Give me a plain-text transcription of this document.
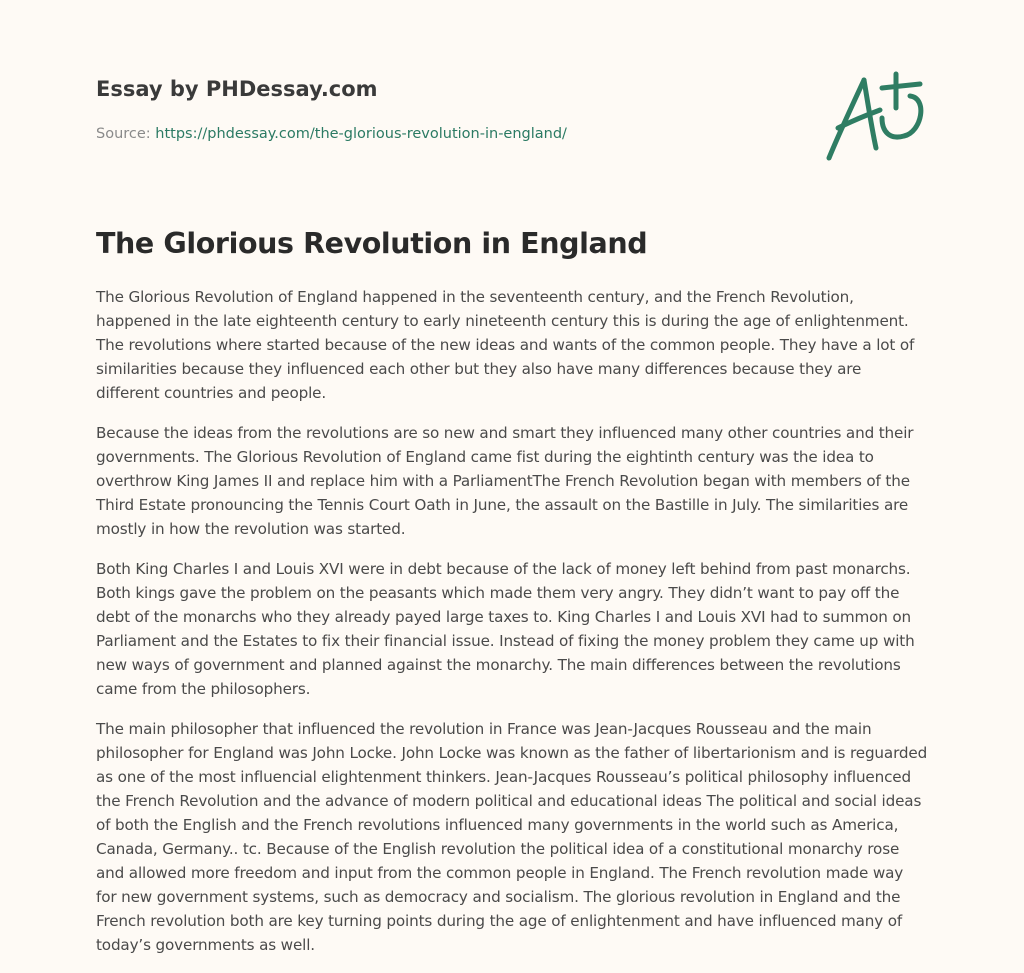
Essay by PHDessay.com
Source: https://phdessay.com/the-glorious-revolution-in-england/
The Glorious Revolution in England

The Glorious Revolution of England happened in the seventeenth century, and the French Revolution, happened in the late eighteenth century to early nineteenth century this is during the age of enlightenment. The revolutions where started because of the new ideas and wants of the common people. They have a lot of similarities because they influenced each other but they also have many differences because they are different countries and people.

Because the ideas from the revolutions are so new and smart they influenced many other countries and their governments. The Glorious Revolution of England came fist during the eightinth century was the idea to overthrow King James II and replace him with a ParliamentThe French Revolution began with members of the Third Estate pronouncing the Tennis Court Oath in June, the assault on the Bastille in July. The similarities are mostly in how the revolution was started.

Both King Charles I and Louis XVI were in debt because of the lack of money left behind from past monarchs. Both kings gave the problem on the peasants which made them very angry. They didn’t want to pay off the debt of the monarchs who they already payed large taxes to. King Charles I and Louis XVI had to summon on Parliament and the Estates to fix their financial issue. Instead of fixing the money problem they came up with new ways of government and planned against the monarchy. The main differences between the revolutions came from the philosophers.

The main philosopher that influenced the revolution in France was Jean-Jacques Rousseau and the main philosopher for England was John Locke. John Locke was known as the father of libertarionism and is reguarded as one of the most influencial elightenment thinkers. Jean-Jacques Rousseau’s political philosophy influenced the French Revolution and the advance of modern political and educational ideas The political and social ideas of both the English and the French revolutions influenced many governments in the world such as America, Canada, Germany.. tc. Because of the English revolution the political idea of a constitutional monarchy rose and allowed more freedom and input from the common people in England. The French revolution made way for new government systems, such as democracy and socialism. The glorious revolution in England and the French revolution both are key turning points during the age of enlightenment and have influenced many of today’s governments as well.
